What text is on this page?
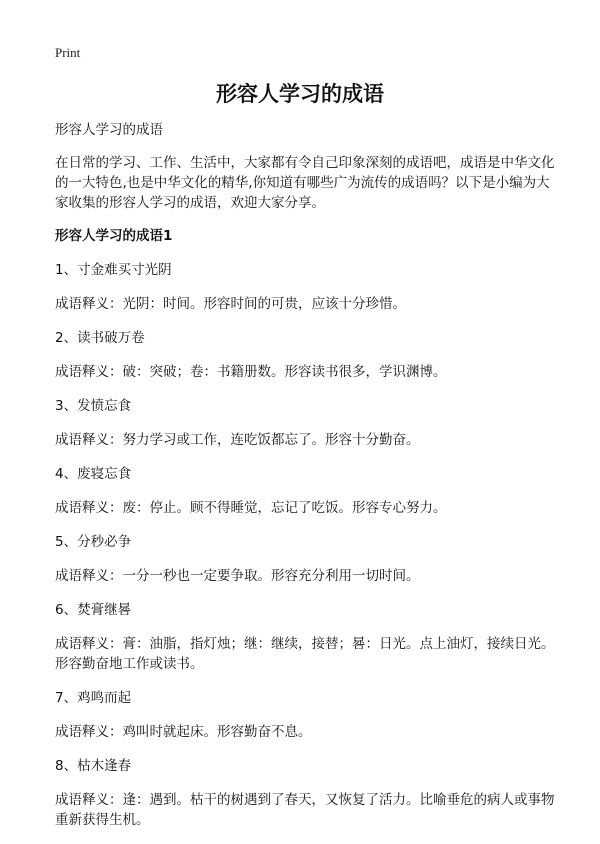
Print
形容人学习的成语

形容人学习的成语

在日常的学习、工作、生活中，大家都有令自己印象深刻的成语吧，成语是中华文化的一大特色,也是中华文化的精华,你知道有哪些广为流传的成语吗？以下是小编为大家收集的形容人学习的成语，欢迎大家分享。

形容人学习的成语1

1、寸金难买寸光阴

成语释义：光阴：时间。形容时间的可贵，应该十分珍惜。

2、读书破万卷

成语释义：破：突破；卷：书籍册数。形容读书很多，学识渊博。

3、发愤忘食

成语释义：努力学习或工作，连吃饭都忘了。形容十分勤奋。

4、废寝忘食

成语释义：废：停止。顾不得睡觉，忘记了吃饭。形容专心努力。

5、分秒必争

成语释义：一分一秒也一定要争取。形容充分利用一切时间。

6、焚膏继晷

成语释义：膏：油脂，指灯烛；继：继续，接替；晷：日光。点上油灯，接续日光。形容勤奋地工作或读书。

7、鸡鸣而起

成语释义：鸡叫时就起床。形容勤奋不息。

8、枯木逢春

成语释义：逢：遇到。枯干的树遇到了春天，又恢复了活力。比喻垂危的病人或事物重新获得生机。
